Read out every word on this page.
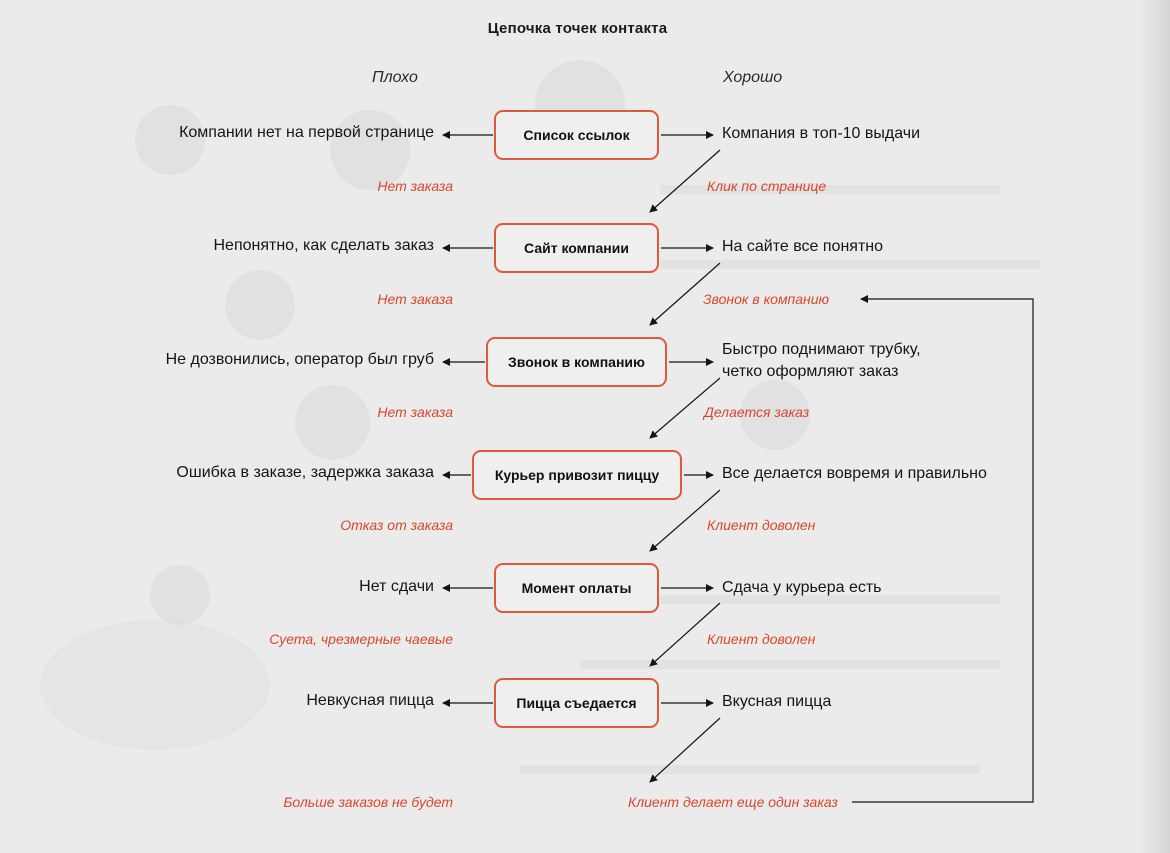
Цепочка точек контакта
Плохо	Хорошо
Список ссылок
Компании нет на первой странице	Компания в топ-10 выдачи
Нет заказа	Клик по странице
Сайт компании
Непонятно, как сделать заказ	На сайте все понятно
Нет заказа	Звонок в компанию
Звонок в компанию
Не дозвонились, оператор был груб
Быстро поднимают трубку,
четко оформляют заказ
Нет заказа	Делается заказ
Курьер привозит пиццу
Ошибка в заказе, задержка заказа	Все делается вовремя и правильно
Отказ от заказа	Клиент доволен
Момент оплаты
Нет сдачи	Сдача у курьера есть
Суета, чрезмерные чаевые	Клиент доволен
Пицца съедается
Невкусная пицца	Вкусная пицца
Больше заказов не будет	Клиент делает еще один заказ
